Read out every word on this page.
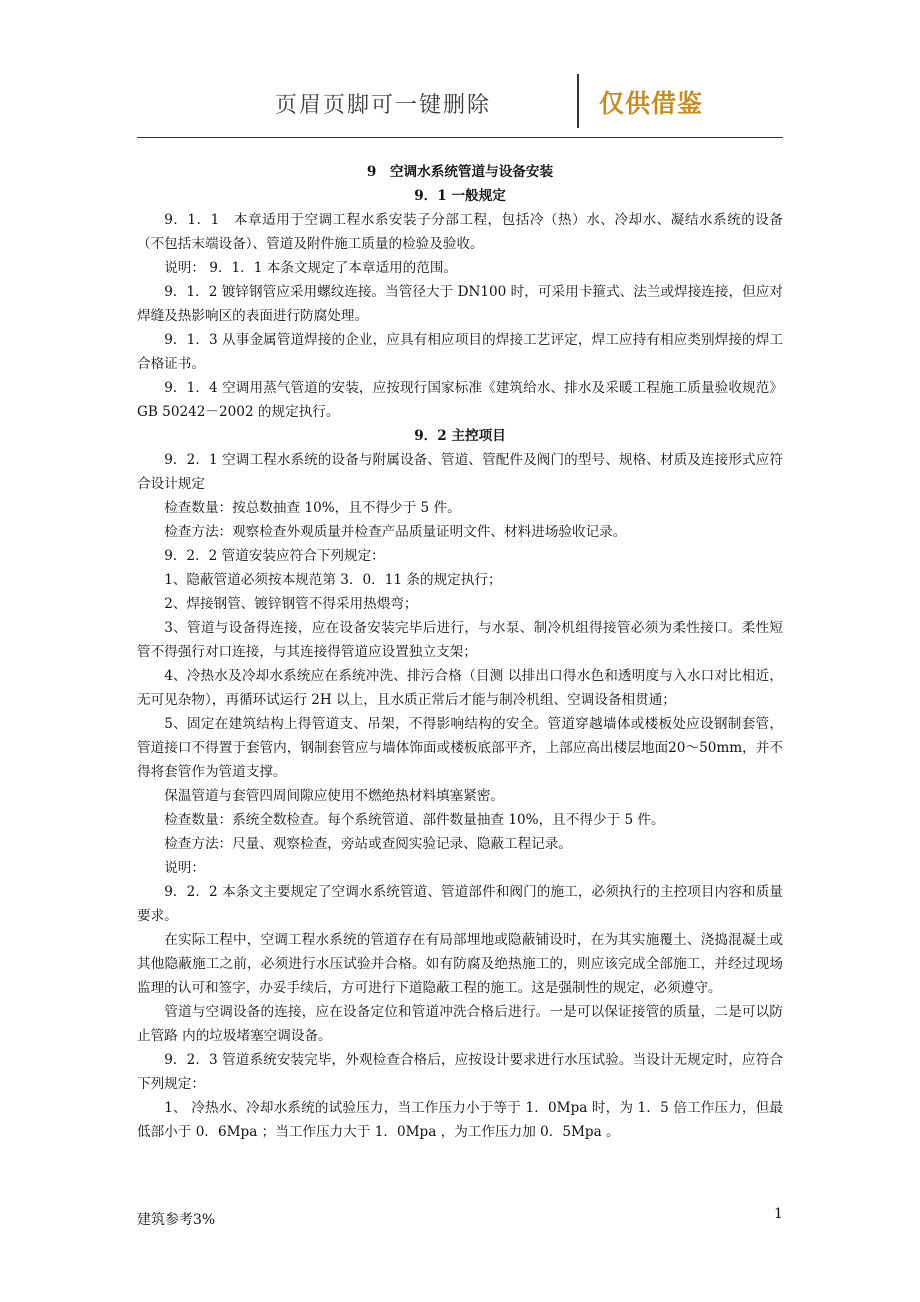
页眉页脚可一键删除	仅供借鉴

9　空调水系统管道与设备安装

9．1 一般规定

9．1．1　本章适用于空调工程水系安装子分部工程，包括冷（热）水、冷却水、凝结水系统的设备（不包括末端设备）、管道及附件施工质量的检验及验收。

说明： 9．1．1 本条文规定了本章适用的范围。

9．1．2 镀锌钢管应采用螺纹连接。当管径大于 DN100 时，可采用卡箍式、法兰或焊接连接，但应对焊缝及热影响区的表面进行防腐处理。

9．1．3 从事金属管道焊接的企业，应具有相应项目的焊接工艺评定，焊工应持有相应类别焊接的焊工合格证书。

9．1．4 空调用蒸气管道的安装，应按现行国家标准《建筑给水、排水及采暖工程施工质量验收规范》GB 50242－2002 的规定执行。

9．2 主控项目

9．2．1 空调工程水系统的设备与附属设备、管道、管配件及阀门的型号、规格、材质及连接形式应符合设计规定

检查数量：按总数抽查 10%，且不得少于 5 件。

检查方法：观察检查外观质量并检查产品质量证明文件、材料进场验收记录。

9．2．2 管道安装应符合下列规定：

1、隐蔽管道必须按本规范第 3．0．11 条的规定执行；

2、焊接钢管、镀锌钢管不得采用热煨弯；

3、管道与设备得连接，应在设备安装完毕后进行，与水泵、制冷机组得接管必须为柔性接口。柔性短管不得强行对口连接，与其连接得管道应设置独立支架；

4、冷热水及冷却水系统应在系统冲洗、排污合格（目测 以排出口得水色和透明度与入水口对比相近，无可见杂物），再循环试运行 2H 以上，且水质正常后才能与制冷机组、空调设备相贯通；

5、固定在建筑结构上得管道支、吊架，不得影响结构的安全。管道穿越墙体或楼板处应设钢制套管，管道接口不得置于套管内，钢制套管应与墙体饰面或楼板底部平齐，上部应高出楼层地面20～50mm，并不得将套管作为管道支撑。

保温管道与套管四周间隙应使用不燃绝热材料填塞紧密。

检查数量：系统全数检查。每个系统管道、部件数量抽查 10%，且不得少于 5 件。

检查方法：尺量、观察检查，旁站或查阅实验记录、隐蔽工程记录。

说明：

9．2．2 本条文主要规定了空调水系统管道、管道部件和阀门的施工，必须执行的主控项目内容和质量要求。

在实际工程中，空调工程水系统的管道存在有局部埋地或隐蔽铺设时，在为其实施覆土、浇捣混凝土或其他隐蔽施工之前，必须进行水压试验并合格。如有防腐及绝热施工的，则应该完成全部施工，并经过现场监理的认可和签字，办妥手续后，方可进行下道隐蔽工程的施工。这是强制性的规定，必须遵守。

管道与空调设备的连接，应在设备定位和管道冲洗合格后进行。一是可以保证接管的质量，二是可以防止管路 内的垃圾堵塞空调设备。

9．2．3 管道系统安装完毕，外观检查合格后，应按设计要求进行水压试验。当设计无规定时，应符合下列规定：

1、 冷热水、冷却水系统的试验压力，当工作压力小于等于 1．0Mpa 时，为 1．5 倍工作压力，但最低部小于 0．6Mpa ；当工作压力大于 1．0Mpa ，为工作压力加 0．5Mpa 。

建筑参考3%	1
